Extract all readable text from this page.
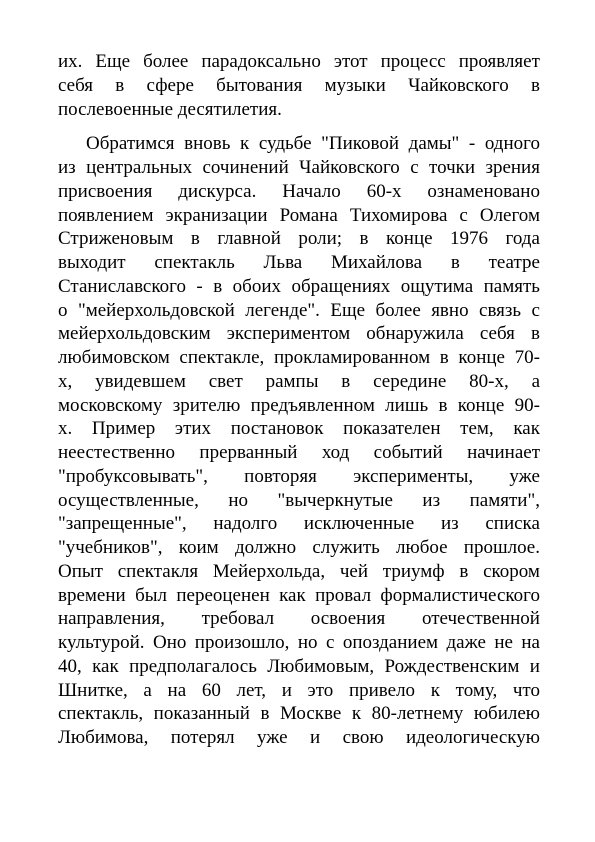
их. Еще более парадоксально этот процесс проявляет
себя в сфере бытования музыки Чайковского в
послевоенные десятилетия.
Обратимся вновь к судьбе "Пиковой дамы" - одного
из центральных сочинений Чайковского с точки зрения
присвоения дискурса. Начало 60-х ознаменовано
появлением экранизации Романа Тихомирова с Олегом
Стриженовым в главной роли; в конце 1976 года
выходит спектакль Льва Михайлова в театре
Станиславского - в обоих обращениях ощутима память
о "мейерхольдовской легенде". Еще более явно связь с
мейерхольдовским экспериментом обнаружила себя в
любимовском спектакле, прокламированном в конце 70-
х, увидевшем свет рампы в середине 80-х, а
московскому зрителю предъявленном лишь в конце 90-
х. Пример этих постановок показателен тем, как
неестественно прерванный ход событий начинает
"пробуксовывать", повторяя эксперименты, уже
осуществленные, но "вычеркнутые из памяти",
"запрещенные", надолго исключенные из списка
"учебников", коим должно служить любое прошлое.
Опыт спектакля Мейерхольда, чей триумф в скором
времени был переоценен как провал формалистического
направления, требовал освоения отечественной
культурой. Оно произошло, но с опозданием даже не на
40, как предполагалось Любимовым, Рождественским и
Шнитке, а на 60 лет, и это привело к тому, что
спектакль, показанный в Москве к 80-летнему юбилею
Любимова, потерял уже и свою идеологическую
